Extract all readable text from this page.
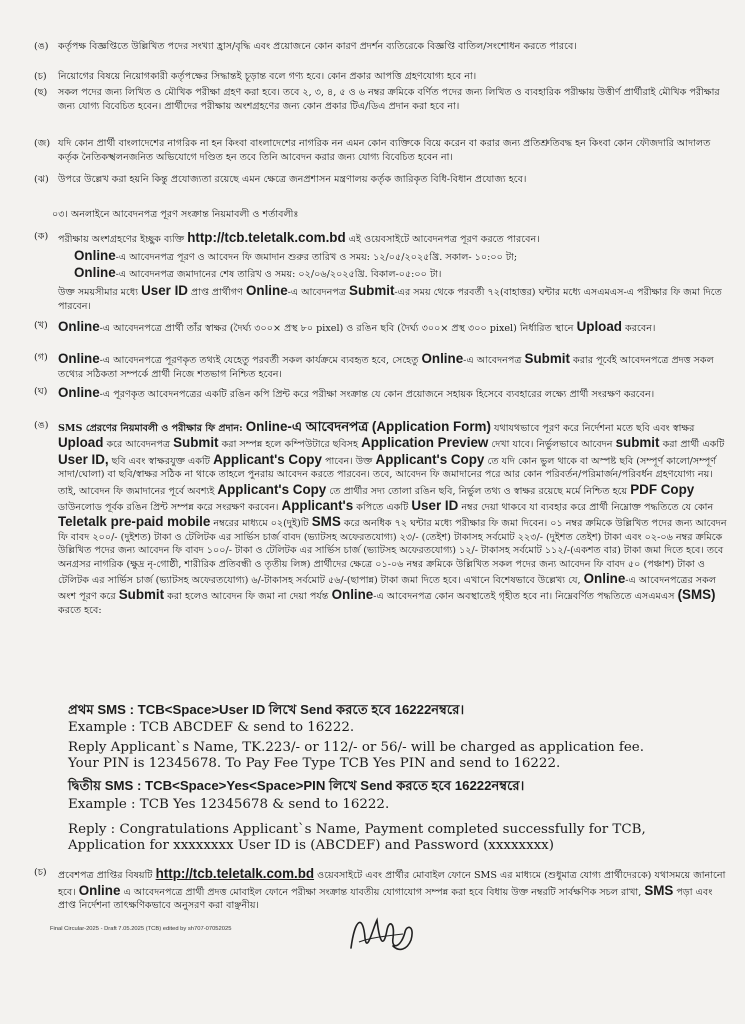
(ঙ) কর্তৃপক্ষ বিজ্ঞপ্তিতে উল্লিখিত পদের সংখ্যা হ্রাস/বৃদ্ধি এবং প্রয়োজনে কোন কারণ প্রদর্শন ব্যতিরেকে বিজ্ঞপ্তি বাতিল/সংশোধন করতে পারবে।
(চ) নিয়োগের বিষয়ে নিয়োগকারী কর্তৃপক্ষের সিদ্ধান্তই চূড়ান্ত বলে গণ্য হবে। কোন প্রকার আপত্তি গ্রহণযোগ্য হবে না।
(ছ) সকল পদের জন্য লিখিত ও মৌখিক পরীক্ষা গ্রহণ করা হবে। তবে ২, ৩, ৪, ৫ ও ৬ নম্বর ক্রমিকে বর্ণিত পদের জন্য লিখিত ও ব্যবহারিক পরীক্ষায় উত্তীর্ণ প্রার্থীরাই মৌখিক পরীক্ষার জন্য যোগ্য বিবেচিত হবেন। প্রার্থীদের পরীক্ষায় অংশগ্রহণের জন্য কোন প্রকার টিএ/ডিএ প্রদান করা হবে না।
(জ) যদি কোন প্রার্থী বাংলাদেশের নাগরিক না হন কিংবা বাংলাদেশের নাগরিক নন এমন কোন ব্যক্তিকে বিয়ে করেন বা করার জন্য প্রতিশ্রুতিবদ্ধ হন কিংবা কোন ফৌজদারি আদালত কর্তৃক নৈতিকস্খলনজনিত অভিযোগে দণ্ডিত হন তবে তিনি আবেদন করার জন্য যোগ্য বিবেচিত হবেন না।
(ঝ) উপরে উল্লেখ করা হয়নি কিন্তু প্রযোজ্যতা রয়েছে এমন ক্ষেত্রে জনপ্রশাসন মন্ত্রণালয় কর্তৃক জারিকৃত বিধি-বিধান প্রযোজ্য হবে।
০৩। অনলাইনে আবেদনপত্র পূরণ সংক্রান্ত নিয়মাবলী ও শর্তাবলীঃ
(ক) পরীক্ষায় অংশগ্রহণের ইচ্ছুক ব্যক্তি http://tcb.teletalk.com.bd এই ওয়েবসাইটে আবেদনপত্র পূরণ করতে পারবেন।
Online-এ আবেদনপত্র পূরণ ও আবেদন ফি জমাদান শুরুর তারিখ ও সময়: ১২/০৫/২০২৫খ্রি. সকাল- ১০:০০ টা;
Online-এ আবেদনপত্র জমাদানের শেষ তারিখ ও সময়: ০২/০৬/২০২৫খ্রি. বিকাল-০৫:০০ টা।
উক্ত সময়সীমার মধ্যে User ID প্রাপ্ত প্রার্থীগণ Online-এ আবেদনপত্র Submit-এর সময় থেকে পরবর্তী ৭২(বাহাত্তর) ঘন্টার মধ্যে এসএমএস-এ পরীক্ষার ফি জমা দিতে পারবেন।
(খ) Online-এ আবেদনপত্রে প্রার্থী তাঁর স্বাক্ষর (দৈর্ঘ্য ৩০০× প্রস্থ ৮০ pixel) ও রঙিন ছবি (দৈর্ঘ্য ৩০০× প্রস্থ ৩০০ pixel) নির্ধারিত স্থানে Upload করবেন।
(গ) Online-এ আবেদনপত্রে পূরণকৃত তথ্যই যেহেতু পরবর্তী সকল কার্যক্রমে ব্যবহৃত হবে, সেহেতু Online-এ আবেদনপত্র Submit করার পূর্বেই আবেদনপত্রে প্রদত্ত সকল তথ্যের সঠিকতা সম্পর্কে প্রার্থী নিজে শতভাগ নিশ্চিত হবেন।
(ঘ) Online-এ পূরণকৃত আবেদনপত্রের একটি রঙিন কপি প্রিন্ট করে পরীক্ষা সংক্রান্ত যে কোন প্রয়োজনে সহায়ক হিসেবে ব্যবহারের লক্ষ্যে প্রার্থী সংরক্ষণ করবেন।
(ঙ) SMS প্রেরণের নিয়মাবলী ও পরীক্ষার ফি প্রদান: Online-এ আবেদনপত্র (Application Form) যথাযথভাবে পূরণ করে নির্দেশনা মতে ছবি এবং স্বাক্ষর Upload করে আবেদনপত্র Submit করা সম্পন্ন হলে কম্পিউটারে ছবিসহ Application Preview দেখা যাবে। নির্ভুলভাবে আবেদন submit করা প্রার্থী একটি User ID, ছবি এবং স্বাক্ষরযুক্ত একটি Applicant's Copy পাবেন। উক্ত Applicant's Copy তে যদি কোন ভুল থাকে বা অস্পষ্ট ছবি (সম্পূর্ণ কালো/সম্পূর্ণ সাদা/ঘোলা) বা ছবি/স্বাক্ষর সঠিক না থাকে তাহলে পুনরায় আবেদন করতে পারবেন। তবে, আবেদন ফি জমাদানের পরে আর কোন পরিবর্তন/পরিমার্জন/পরিবর্ধন গ্রহণযোগ্য নয়। তাই, আবেদন ফি জমাদানের পূর্বে অবশ্যই Applicant's Copy তে প্রার্থীর সদ্য তোলা রঙিন ছবি, নির্ভুল তথ্য ও স্বাক্ষর রয়েছে মর্মে নিশ্চিত হয়ে PDF Copy ডাউনলোড পূর্বক রঙিন প্রিন্ট সম্পন্ন করে সংরক্ষণ করবেন। Applicant's কপিতে একটি User ID নম্বর দেয়া থাকবে যা ব্যবহার করে প্রার্থী নিম্নোক্ত পদ্ধতিতে যে কোন Teletalk pre-paid mobile নম্বরের মাধ্যমে ০২(দুই)টি SMS করে অনধিক ৭২ ঘন্টার মধ্যে পরীক্ষার ফি জমা দিবেন। ০১ নম্বর ক্রমিকে উল্লিখিত পদের জন্য আবেদন ফি বাবদ ২০০/- (দুইশত) টাকা ও টেলিটক এর সার্ভিস চার্জ বাবদ (ভ্যাটসহ অফেরতযোগ্য) ২৩/- (তেইশ) টাকাসহ সর্বমোট ২২৩/- (দুইশত তেইশ) টাকা এবং ০২-০৬ নম্বর ক্রমিকে উল্লিখিত পদের জন্য আবেদন ফি বাবদ ১০০/- টাকা ও টেলিটক এর সার্ভিস চার্জ (ভ্যাটসহ অফেরতযোগ্য) ১২/- টাকাসহ সর্বমোট ১১২/-(একশত বার) টাকা জমা দিতে হবে। তবে অনগ্রসর নাগরিক (ক্ষুদ্র নৃ-গোষ্ঠী, শারীরিক প্রতিবন্ধী ও তৃতীয় লিঙ্গ) প্রার্থীদের ক্ষেত্রে ০১-০৬ নম্বর ক্রমিকে উল্লিখিত সকল পদের জন্য আবেদন ফি বাবদ ৫০ (পঞ্চাশ) টাকা ও টেলিটক এর সার্ভিস চার্জ (ভ্যাটসহ অফেরতযোগ্য) ৬/-টাকাসহ সর্বমোট ৫৬/-(ছাপান্ন) টাকা জমা দিতে হবে। এখানে বিশেষভাবে উল্লেখ্য যে, Online-এ আবেদনপত্রের সকল অংশ পূরণ করে Submit করা হলেও আবেদন ফি জমা না দেয়া পর্যন্ত Online-এ আবেদনপত্র কোন অবস্থাতেই গৃহীত হবে না। নিম্নেবর্ণিত পদ্ধতিতে এসএমএস (SMS) করতে হবে:
প্রথম SMS : TCB<Space>User ID লিখে Send করতে হবে 16222নম্বরে।
Example : TCB ABCDEF & send to 16222.
Reply Applicant`s Name, TK.223/- or 112/- or 56/- will be charged as application fee.
Your PIN is 12345678. To Pay Fee Type TCB Yes PIN and send to 16222.
দ্বিতীয় SMS : TCB<Space>Yes<Space>PIN লিখে Send করতে হবে 16222নম্বরে।
Example : TCB Yes 12345678 & send to 16222.
Reply : Congratulations Applicant`s Name, Payment completed successfully for TCB,
Application for xxxxxxxx User ID is (ABCDEF) and Password (xxxxxxxx)
(চ) প্রবেশপত্র প্রাপ্তির বিষয়টি http://tcb.teletalk.com.bd ওয়েবসাইটে এবং প্রার্থীর মোবাইল ফোনে SMS এর মাধ্যমে (শুধুমাত্র যোগ্য প্রার্থীদেরকে) যথাসময়ে জানানো হবে। Online এ আবেদনপত্রে প্রার্থী প্রদত্ত মোবাইল ফোনে পরীক্ষা সংক্রান্ত যাবতীয় যোগাযোগ সম্পন্ন করা হবে বিধায় উক্ত নম্বরটি সার্বক্ষণিক সচল রাখা, SMS পড়া এবং প্রাপ্ত নির্দেশনা তাৎক্ষণিকভাবে অনুসরণ করা বাঞ্ছনীয়।
Final Circular-2025 - Draft 7.05.2025 (TCB) edited by sh707-07052025
